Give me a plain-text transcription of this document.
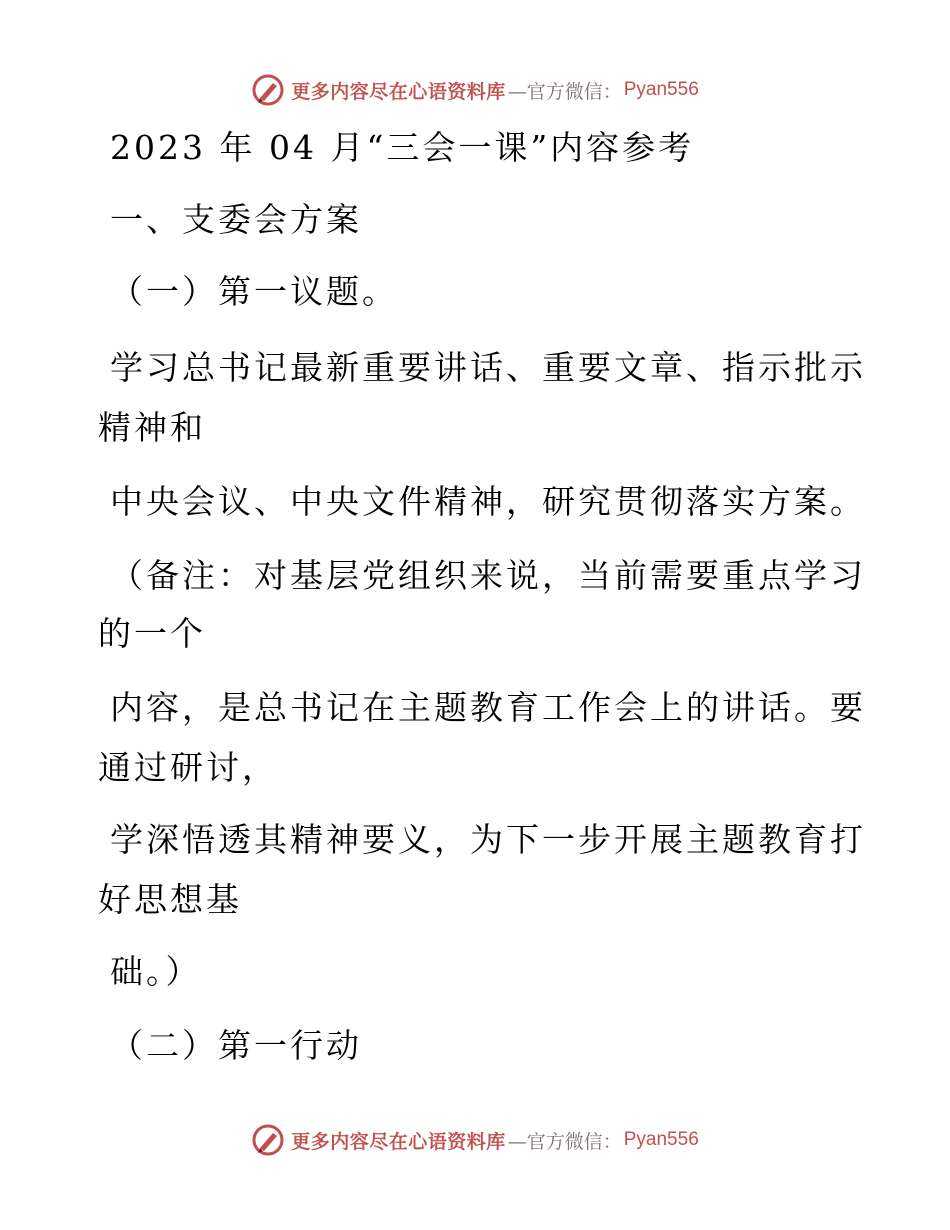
更多内容尽在心语资料库 —官方微信： Pyan556
2023 年 04 月“三会一课”内容参考
一、支委会方案
（一）第一议题。
学习总书记最新重要讲话、重要文章、指示批示
精神和
中央会议、中央文件精神，研究贯彻落实方案。
（备注：对基层党组织来说，当前需要重点学习
的一个
内容，是总书记在主题教育工作会上的讲话。要
通过研讨，
学深悟透其精神要义，为下一步开展主题教育打
好思想基
础。）
（二）第一行动
更多内容尽在心语资料库 —官方微信： Pyan556
